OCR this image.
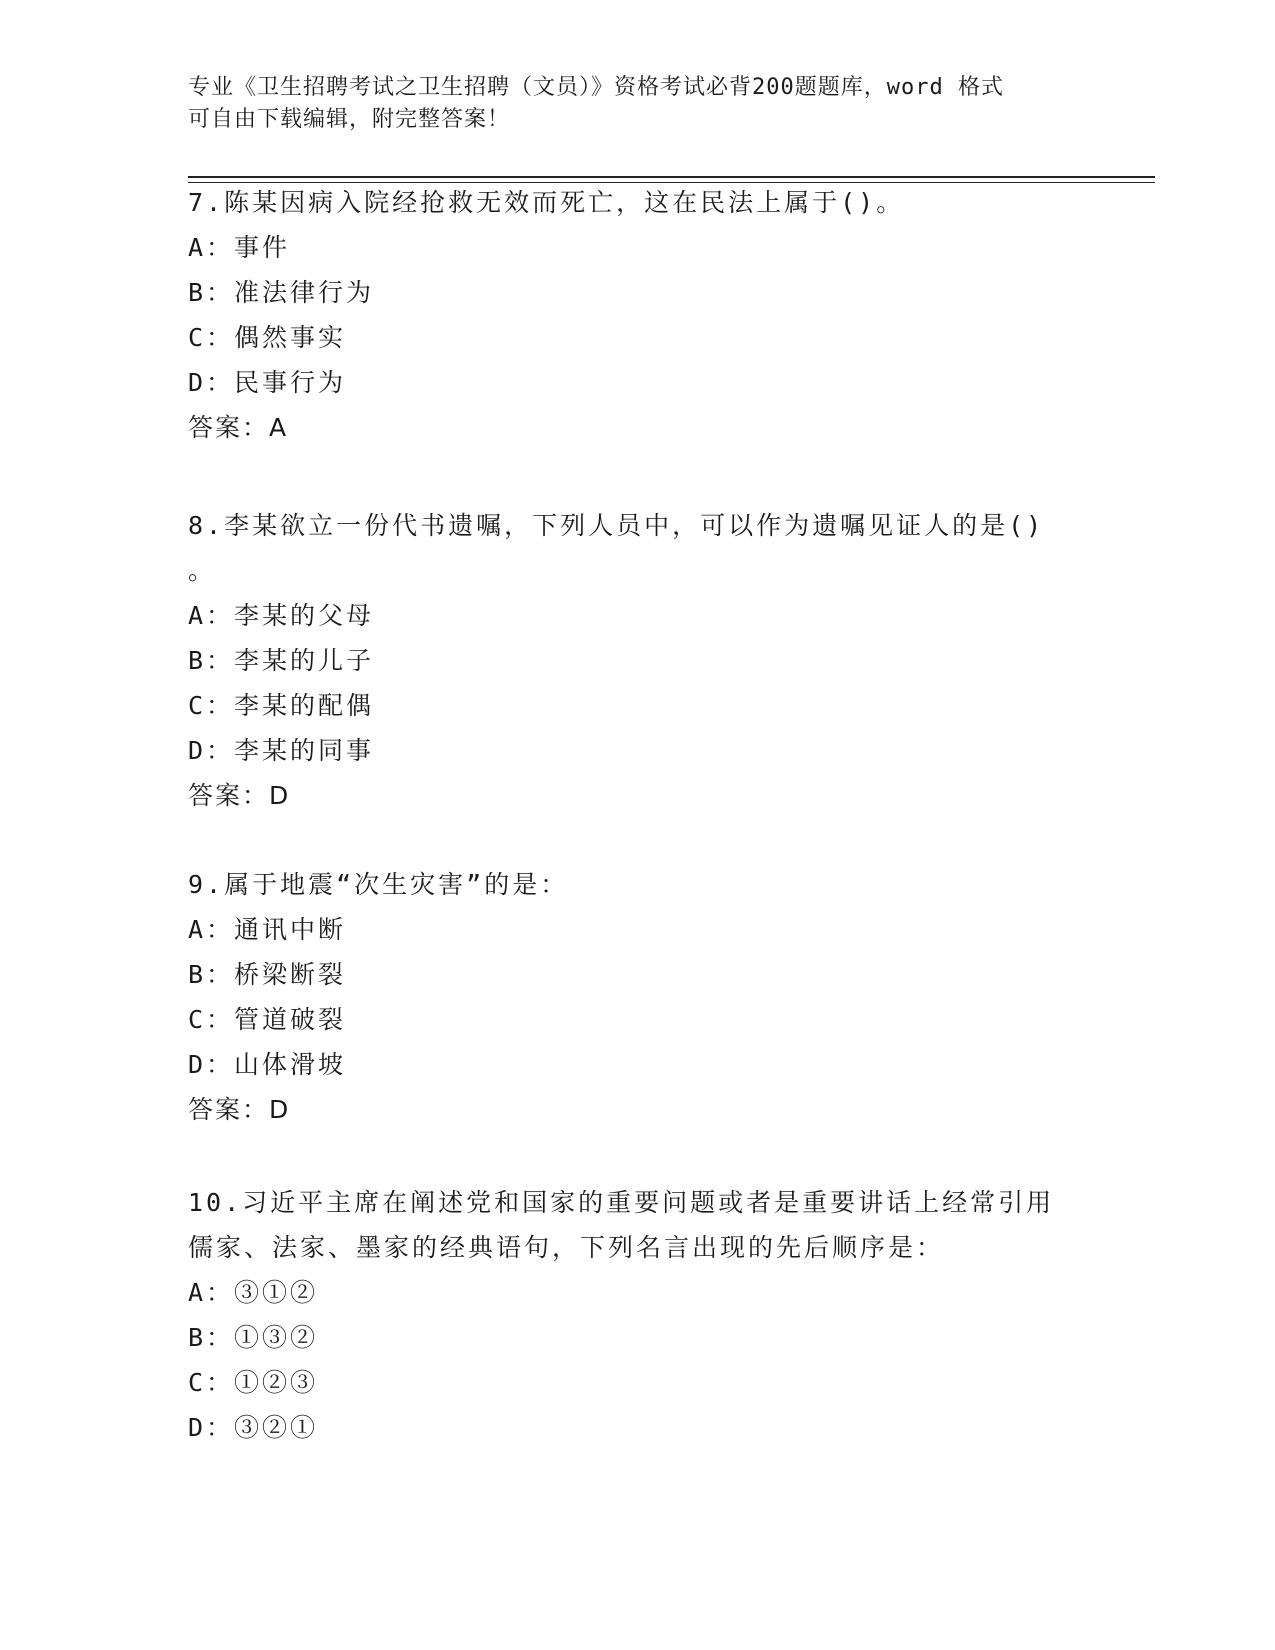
专业《卫生招聘考试之卫生招聘（文员）》资格考试必背200题题库，word 格式
可自由下载编辑，附完整答案！
7.陈某因病入院经抢救无效而死亡，这在民法上属于()。
A：事件
B：准法律行为
C：偶然事实
D：民事行为
答案：A
8.李某欲立一份代书遗嘱，下列人员中，可以作为遗嘱见证人的是()
。
A：李某的父母
B：李某的儿子
C：李某的配偶
D：李某的同事
答案：D
9.属于地震“次生灾害”的是：
A：通讯中断
B：桥梁断裂
C：管道破裂
D：山体滑坡
答案：D
10.习近平主席在阐述党和国家的重要问题或者是重要讲话上经常引用
儒家、法家、墨家的经典语句，下列名言出现的先后顺序是：
A：③①②
B：①③②
C：①②③
D：③②①
